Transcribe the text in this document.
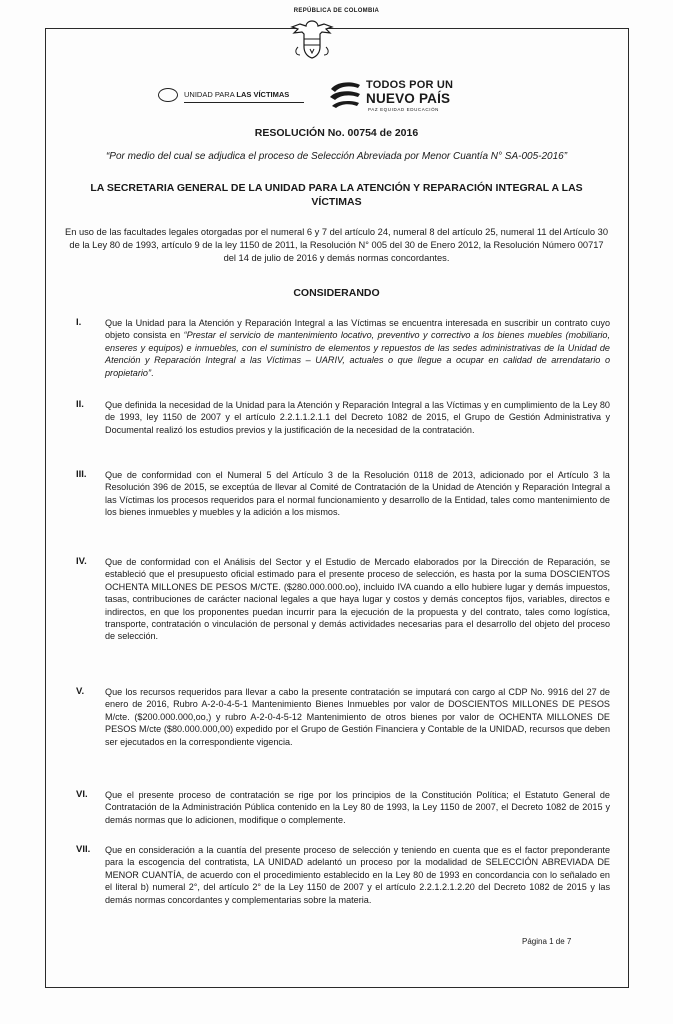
REPÚBLICA DE COLOMBIA
UNIDAD PARA LAS VÍCTIMAS
TODOS POR UN
NUEVO PAÍS
PAZ EQUIDAD EDUCACIÓN
RESOLUCIÓN No. 00754 de 2016
“Por medio del cual se adjudica el proceso de Selección Abreviada por Menor Cuantía N° SA-005-2016”
LA SECRETARIA GENERAL DE LA UNIDAD PARA LA ATENCIÓN Y REPARACIÓN INTEGRAL A LAS VÍCTIMAS
En uso de las facultades legales otorgadas por el numeral 6 y 7 del artículo 24, numeral 8 del artículo 25, numeral 11 del Artículo 30 de la Ley 80 de 1993, artículo 9 de la ley 1150 de 2011, la Resolución N° 005 del 30 de Enero 2012, la Resolución Número 00717 del 14 de julio de 2016 y demás normas concordantes.
CONSIDERANDO
I.	Que la Unidad para la Atención y Reparación Integral a las Víctimas se encuentra interesada en suscribir un contrato cuyo objeto consista en “Prestar el servicio de mantenimiento locativo, preventivo y correctivo a los bienes muebles (mobiliario, enseres y equipos) e inmuebles, con el suministro de elementos y repuestos de las sedes administrativas de la Unidad de Atención y Reparación Integral a las Víctimas – UARIV, actuales o que llegue a ocupar en calidad de arrendatario o propietario”.
II. Que definida la necesidad de la Unidad para la Atención y Reparación Integral a las Víctimas y en cumplimiento de la Ley 80 de 1993, ley 1150 de 2007 y el artículo 2.2.1.1.2.1.1 del Decreto 1082 de 2015, el Grupo de Gestión Administrativa y Documental realizó los estudios previos y la justificación de la necesidad de la contratación.
III. Que de conformidad con el Numeral 5 del Artículo 3 de la Resolución 0118 de 2013, adicionado por el Artículo 3 la Resolución 396 de 2015, se exceptúa de llevar al Comité de Contratación de la Unidad de Atención y Reparación Integral a las Víctimas los procesos requeridos para el normal funcionamiento y desarrollo de la Entidad, tales como mantenimiento de los bienes inmuebles y muebles y la adición a los mismos.
IV. Que de conformidad con el Análisis del Sector y el Estudio de Mercado elaborados por la Dirección de Reparación, se estableció que el presupuesto oficial estimado para el presente proceso de selección, es hasta por la suma DOSCIENTOS OCHENTA MILLONES DE PESOS M/CTE. ($280.000.000.oo), incluido IVA cuando a ello hubiere lugar y demás impuestos, tasas, contribuciones de carácter nacional legales a que haya lugar y costos y demás conceptos fijos, variables, directos e indirectos, en que los proponentes puedan incurrir para la ejecución de la propuesta y del contrato, tales como logística, transporte, contratación o vinculación de personal y demás actividades necesarias para el desarrollo del objeto del proceso de selección.
V. Que los recursos requeridos para llevar a cabo la presente contratación se imputará con cargo al CDP No. 9916 del 27 de enero de 2016, Rubro A-2-0-4-5-1 Mantenimiento Bienes Inmuebles por valor de DOSCIENTOS MILLONES DE PESOS M/cte. ($200.000.000,oo,) y rubro A-2-0-4-5-12 Mantenimiento de otros bienes por valor de OCHENTA MILLONES DE PESOS M/cte ($80.000.000,00) expedido por el Grupo de Gestión Financiera y Contable de la UNIDAD, recursos que deben ser ejecutados en la correspondiente vigencia.
VI. Que el presente proceso de contratación se rige por los principios de la Constitución Política; el Estatuto General de Contratación de la Administración Pública contenido en la Ley 80 de 1993, la Ley 1150 de 2007, el Decreto 1082 de 2015 y demás normas que lo adicionen, modifique o complemente.
VII. Que en consideración a la cuantía del presente proceso de selección y teniendo en cuenta que es el factor preponderante para la escogencia del contratista, LA UNIDAD adelantó un proceso por la modalidad de SELECCIÓN ABREVIADA DE MENOR CUANTÍA, de acuerdo con el procedimiento establecido en la Ley 80 de 1993 en concordancia con lo señalado en el literal b) numeral 2°, del artículo 2° de la Ley 1150 de 2007 y el artículo 2.2.1.2.1.2.20 del Decreto 1082 de 2015 y las demás normas concordantes y complementarias sobre la materia.
Página 1 de 7
